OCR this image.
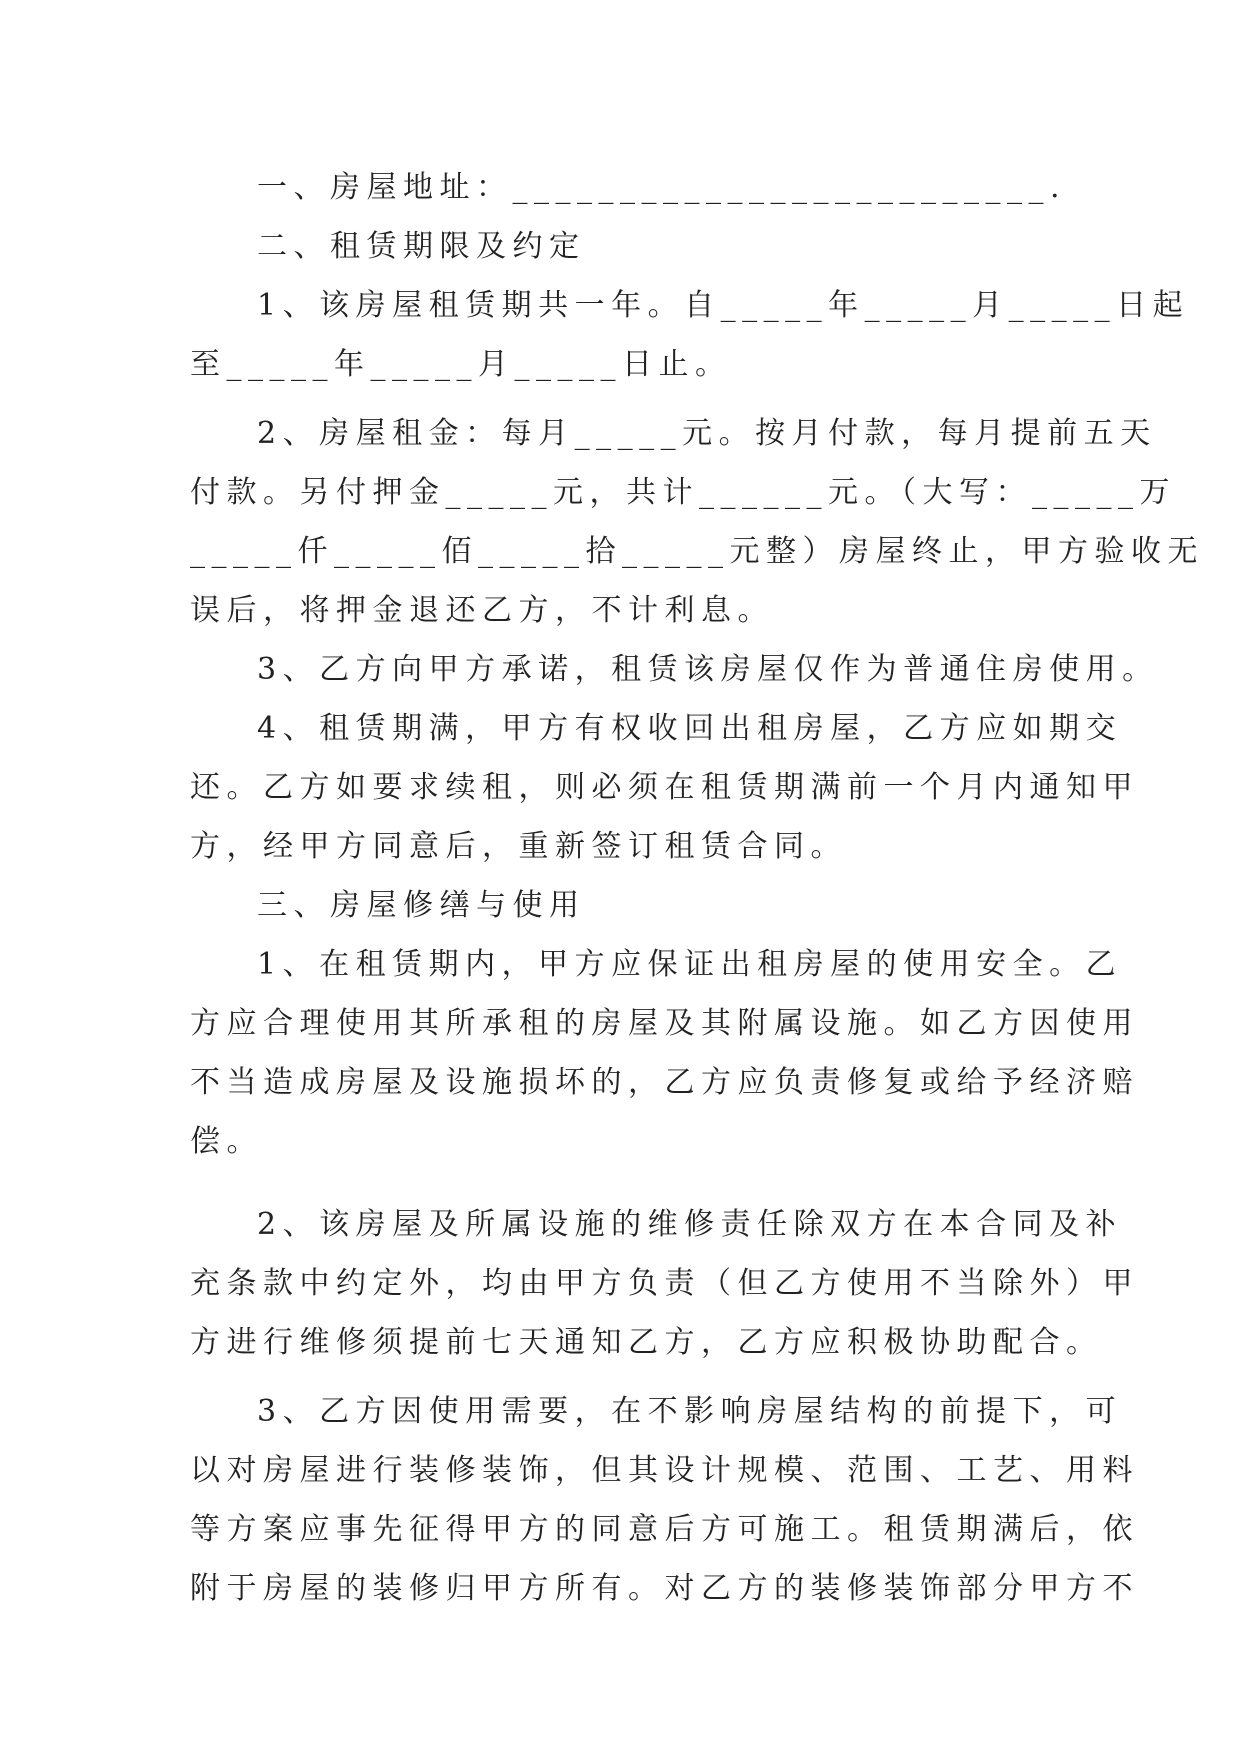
一、房屋地址：_________________________.
二、租赁期限及约定
1、该房屋租赁期共一年。自_____年_____月_____日起
至_____年_____月_____日止。
2、房屋租金：每月_____元。按月付款，每月提前五天
付款。另付押金_____元，共计______元。（大写：_____万
_____仟_____佰_____拾_____元整）房屋终止，甲方验收无
误后，将押金退还乙方，不计利息。
3、乙方向甲方承诺，租赁该房屋仅作为普通住房使用。
4、租赁期满，甲方有权收回出租房屋，乙方应如期交
还。乙方如要求续租，则必须在租赁期满前一个月内通知甲
方，经甲方同意后，重新签订租赁合同。
三、房屋修缮与使用
1、在租赁期内，甲方应保证出租房屋的使用安全。乙
方应合理使用其所承租的房屋及其附属设施。如乙方因使用
不当造成房屋及设施损坏的，乙方应负责修复或给予经济赔
偿。
2、该房屋及所属设施的维修责任除双方在本合同及补
充条款中约定外，均由甲方负责（但乙方使用不当除外）甲
方进行维修须提前七天通知乙方，乙方应积极协助配合。
3、乙方因使用需要，在不影响房屋结构的前提下，可
以对房屋进行装修装饰，但其设计规模、范围、工艺、用料
等方案应事先征得甲方的同意后方可施工。租赁期满后，依
附于房屋的装修归甲方所有。对乙方的装修装饰部分甲方不
